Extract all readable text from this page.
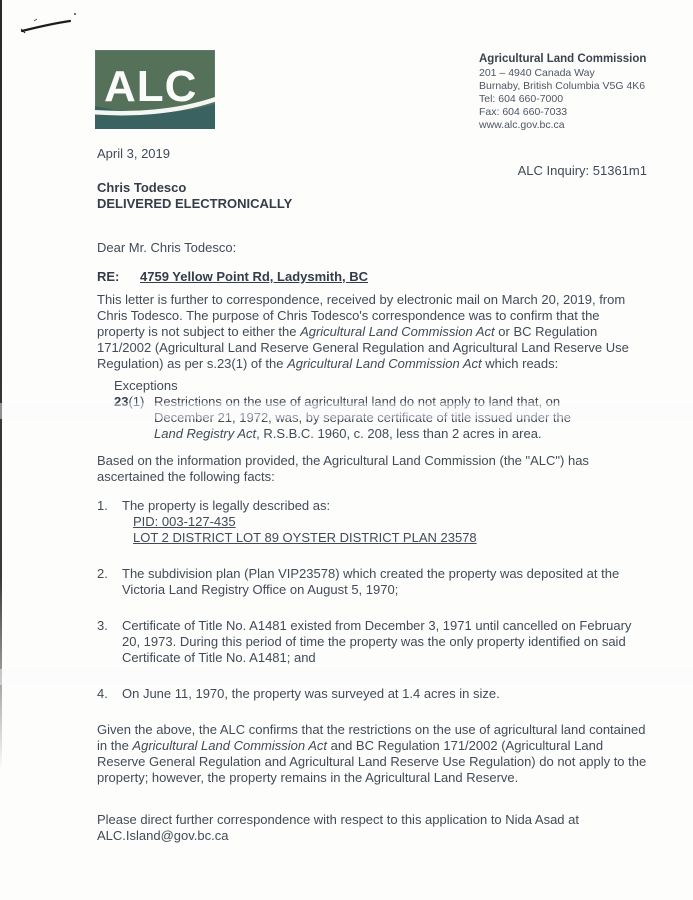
ALC
Agricultural Land Commission
201 – 4940 Canada Way
Burnaby, British Columbia V5G 4K6
Tel: 604 660-7000
Fax: 604 660-7033
www.alc.gov.bc.ca
April 3, 2019
ALC Inquiry: 51361m1
Chris Todesco
DELIVERED ELECTRONICALLY
Dear Mr. Chris Todesco:
RE: 4759 Yellow Point Rd, Ladysmith, BC
This letter is further to correspondence, received by electronic mail on March 20, 2019, from Chris Todesco. The purpose of Chris Todesco's correspondence was to confirm that the property is not subject to either the Agricultural Land Commission Act or BC Regulation 171/2002 (Agricultural Land Reserve General Regulation and Agricultural Land Reserve Use Regulation) as per s.23(1) of the Agricultural Land Commission Act which reads:
Exceptions
23(1) Restrictions on the use of agricultural land do not apply to land that, on December 21, 1972, was, by separate certificate of title issued under the Land Registry Act, R.S.B.C. 1960, c. 208, less than 2 acres in area.
Based on the information provided, the Agricultural Land Commission (the "ALC") has ascertained the following facts:
1.	The property is legally described as:
PID: 003-127-435
LOT 2 DISTRICT LOT 89 OYSTER DISTRICT PLAN 23578
2.	The subdivision plan (Plan VIP23578) which created the property was deposited at the Victoria Land Registry Office on August 5, 1970;
3.	Certificate of Title No. A1481 existed from December 3, 1971 until cancelled on February 20, 1973. During this period of time the property was the only property identified on said Certificate of Title No. A1481; and
4.	On June 11, 1970, the property was surveyed at 1.4 acres in size.
Given the above, the ALC confirms that the restrictions on the use of agricultural land contained in the Agricultural Land Commission Act and BC Regulation 171/2002 (Agricultural Land Reserve General Regulation and Agricultural Land Reserve Use Regulation) do not apply to the property; however, the property remains in the Agricultural Land Reserve.
Please direct further correspondence with respect to this application to Nida Asad at
ALC.Island@gov.bc.ca
